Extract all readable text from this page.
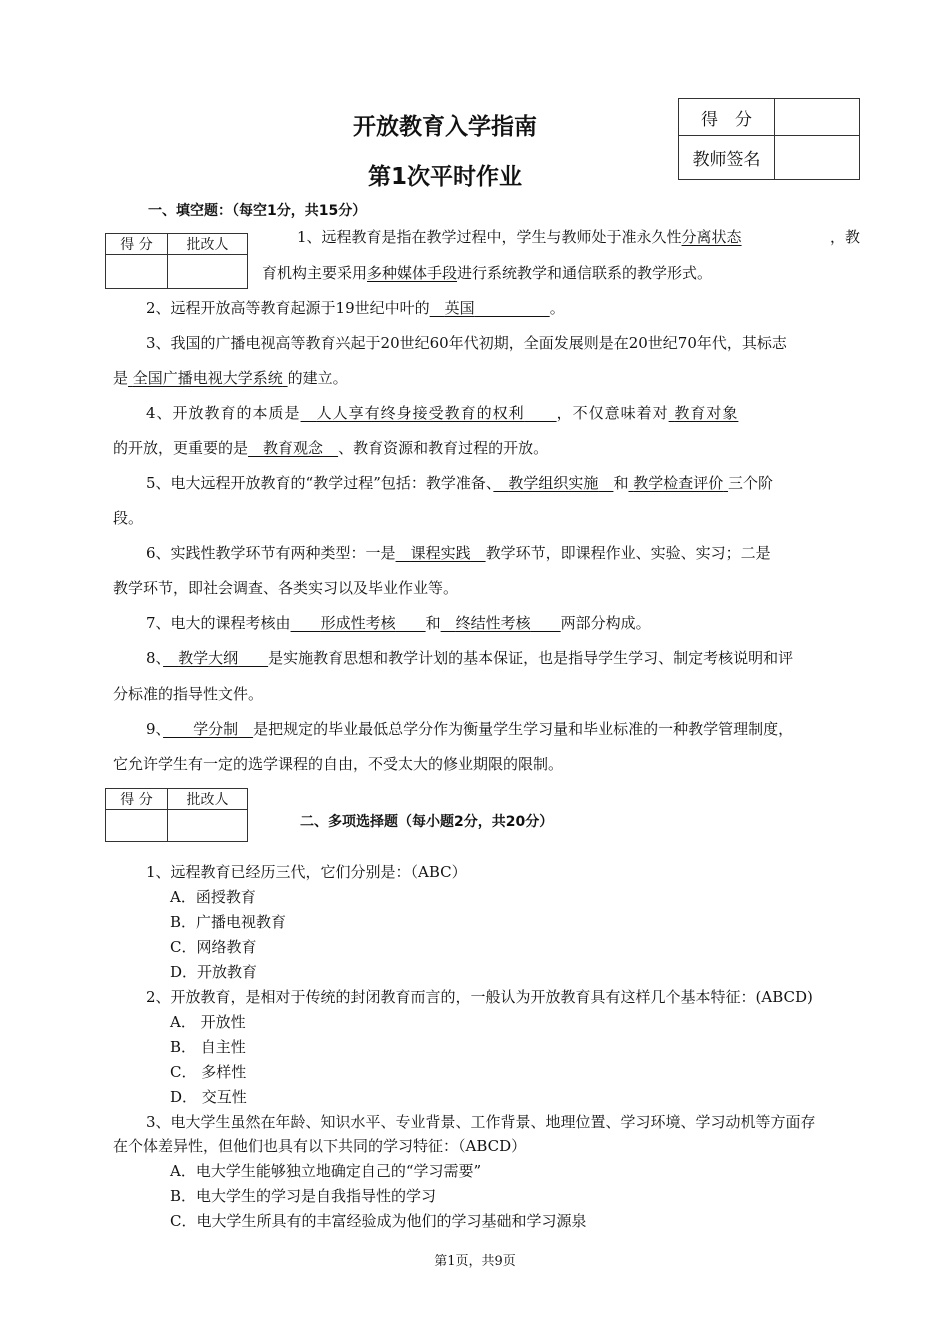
开放教育入学指南
第1次平时作业
得　分	
教师签名	
一、填空题：（每空1分，共15分）
得 分	批改人
		1、远程教育是指在教学过程中，学生与教师处于准永久性分离状态　　	，教
育机构主要采用多种媒体手段进行系统教学和通信联系的教学形式。
2、远程开放高等教育起源于19世纪中叶的　 英国　　　　　	。
3、我国的广播电视高等教育兴起于20世纪60年代初期，全面发展则是在20世纪70年代，其标志
是 全国广播电视大学系统 的建立。
4、开放教育的本质是　 人人享有终身接受教育的权利　　 ，不仅意味着对 教育对象
的开放，更重要的是　 教育观念　 、教育资源和教育过程的开放。
5、电大远程开放教育的“教学过程”包括：教学准备、　 教学组织实施　 和 教学检查评价 三个阶
段。
6、实践性教学环节有两种类型：一是　 课程实践　 教学环节，即课程作业、实验、实习；二是
教学环节，即社会调查、各类实习以及毕业作业等。
7、电大的课程考核由　　 形成性考核　　 和　 终结性考核　　 两部分构成。
8、　 教学大纲　　 是实施教育思想和教学计划的基本保证，也是指导学生学习、制定考核说明和评
分标准的指导性文件。
9、　　 学分制　 是把规定的毕业最低总学分作为衡量学生学习量和毕业标准的一种教学管理制度，
它允许学生有一定的选学课程的自由，不受太大的修业期限的限制。
得 分	批改人

二、多项选择题（每小题2分，共20分）
1、远程教育已经历三代，它们分别是：（ABC）
A．函授教育
B．广播电视教育
C．网络教育
D．开放教育
2、开放教育，是相对于传统的封闭教育而言的，一般认为开放教育具有这样几个基本特征：(ABCD)
A． 开放性
B． 自主性
C． 多样性
D． 交互性
3、电大学生虽然在年龄、知识水平、专业背景、工作背景、地理位置、学习环境、学习动机等方面存
在个体差异性，但他们也具有以下共同的学习特征：（ABCD）
A．电大学生能够独立地确定自己的“学习需要”
B．电大学生的学习是自我指导性的学习
C．电大学生所具有的丰富经验成为他们的学习基础和学习源泉
第1页，共9页
